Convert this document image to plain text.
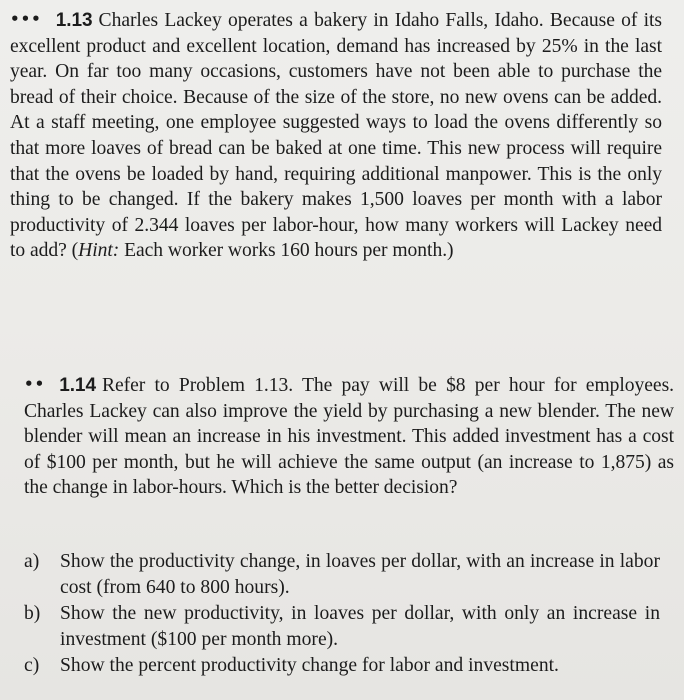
••• 1.13 Charles Lackey operates a bakery in Idaho Falls, Idaho. Because of its excellent product and excellent location, demand has increased by 25% in the last year. On far too many occasions, customers have not been able to purchase the bread of their choice. Because of the size of the store, no new ovens can be added. At a staff meeting, one employee suggested ways to load the ovens differently so that more loaves of bread can be baked at one time. This new process will require that the ovens be loaded by hand, requiring additional manpower. This is the only thing to be changed. If the bakery makes 1,500 loaves per month with a labor productivity of 2.344 loaves per labor-hour, how many workers will Lackey need to add? (Hint: Each worker works 160 hours per month.)
•• 1.14 Refer to Problem 1.13. The pay will be $8 per hour for employees. Charles Lackey can also improve the yield by purchasing a new blender. The new blender will mean an increase in his investment. This added investment has a cost of $100 per month, but he will achieve the same output (an increase to 1,875) as the change in labor-hours. Which is the better decision?
a)	Show the productivity change, in loaves per dollar, with an increase in labor cost (from 640 to 800 hours).
b)	Show the new productivity, in loaves per dollar, with only an increase in investment ($100 per month more).
c)	Show the percent productivity change for labor and investment.
